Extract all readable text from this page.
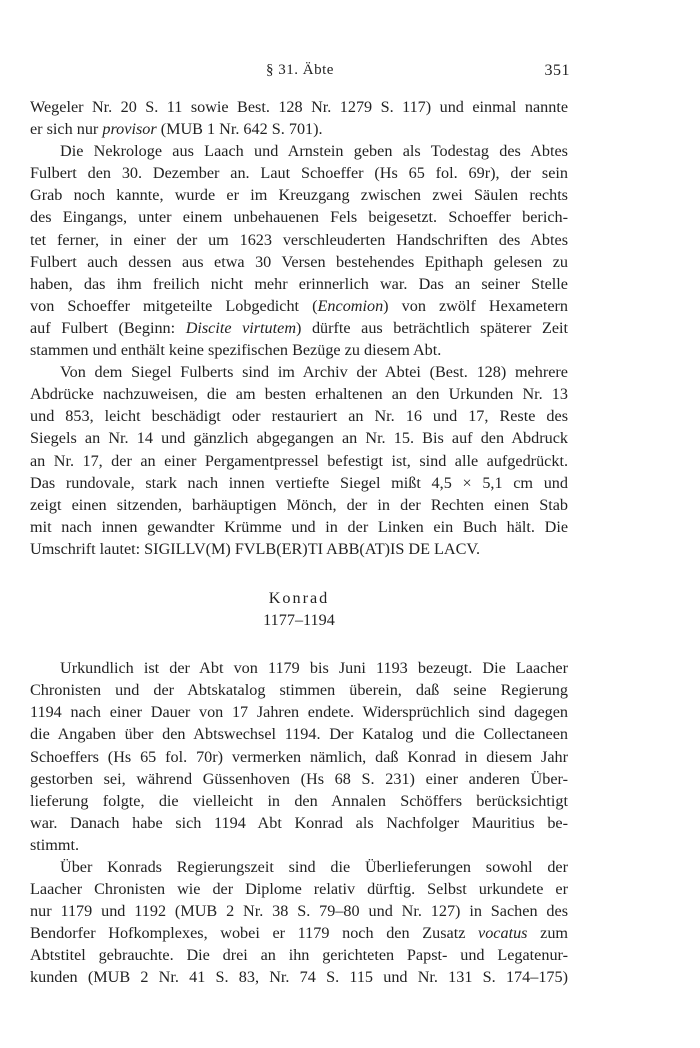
§ 31. Äbte	351
Wegeler Nr. 20 S. 11 sowie Best. 128 Nr. 1279 S. 117) und einmal nannte
er sich nur provisor (MUB 1 Nr. 642 S. 701).
Die Nekrologe aus Laach und Arnstein geben als Todestag des Abtes
Fulbert den 30. Dezember an. Laut Schoeffer (Hs 65 fol. 69r), der sein
Grab noch kannte, wurde er im Kreuzgang zwischen zwei Säulen rechts
des Eingangs, unter einem unbehauenen Fels beigesetzt. Schoeffer berich-
tet ferner, in einer der um 1623 verschleuderten Handschriften des Abtes
Fulbert auch dessen aus etwa 30 Versen bestehendes Epithaph gelesen zu
haben, das ihm freilich nicht mehr erinnerlich war. Das an seiner Stelle
von Schoeffer mitgeteilte Lobgedicht (Encomion) von zwölf Hexametern
auf Fulbert (Beginn: Discite virtutem) dürfte aus beträchtlich späterer Zeit
stammen und enthält keine spezifischen Bezüge zu diesem Abt.
Von dem Siegel Fulberts sind im Archiv der Abtei (Best. 128) mehrere
Abdrücke nachzuweisen, die am besten erhaltenen an den Urkunden Nr. 13
und 853, leicht beschädigt oder restauriert an Nr. 16 und 17, Reste des
Siegels an Nr. 14 und gänzlich abgegangen an Nr. 15. Bis auf den Abdruck
an Nr. 17, der an einer Pergamentpressel befestigt ist, sind alle aufgedrückt.
Das rundovale, stark nach innen vertiefte Siegel mißt 4,5 × 5,1 cm und
zeigt einen sitzenden, barhäuptigen Mönch, der in der Rechten einen Stab
mit nach innen gewandter Krümme und in der Linken ein Buch hält. Die
Umschrift lautet: SIGILLV(M) FVLB(ER)TI ABB(AT)IS DE LACV.
Konrad
1177–1194
Urkundlich ist der Abt von 1179 bis Juni 1193 bezeugt. Die Laacher
Chronisten und der Abtskatalog stimmen überein, daß seine Regierung
1194 nach einer Dauer von 17 Jahren endete. Widersprüchlich sind dagegen
die Angaben über den Abtswechsel 1194. Der Katalog und die Collectaneen
Schoeffers (Hs 65 fol. 70r) vermerken nämlich, daß Konrad in diesem Jahr
gestorben sei, während Güssenhoven (Hs 68 S. 231) einer anderen Über-
lieferung folgte, die vielleicht in den Annalen Schöffers berücksichtigt
war. Danach habe sich 1194 Abt Konrad als Nachfolger Mauritius be-
stimmt.
Über Konrads Regierungszeit sind die Überlieferungen sowohl der
Laacher Chronisten wie der Diplome relativ dürftig. Selbst urkundete er
nur 1179 und 1192 (MUB 2 Nr. 38 S. 79–80 und Nr. 127) in Sachen des
Bendorfer Hofkomplexes, wobei er 1179 noch den Zusatz vocatus zum
Abtstitel gebrauchte. Die drei an ihn gerichteten Papst- und Legatenur-
kunden (MUB 2 Nr. 41 S. 83, Nr. 74 S. 115 und Nr. 131 S. 174–175)
